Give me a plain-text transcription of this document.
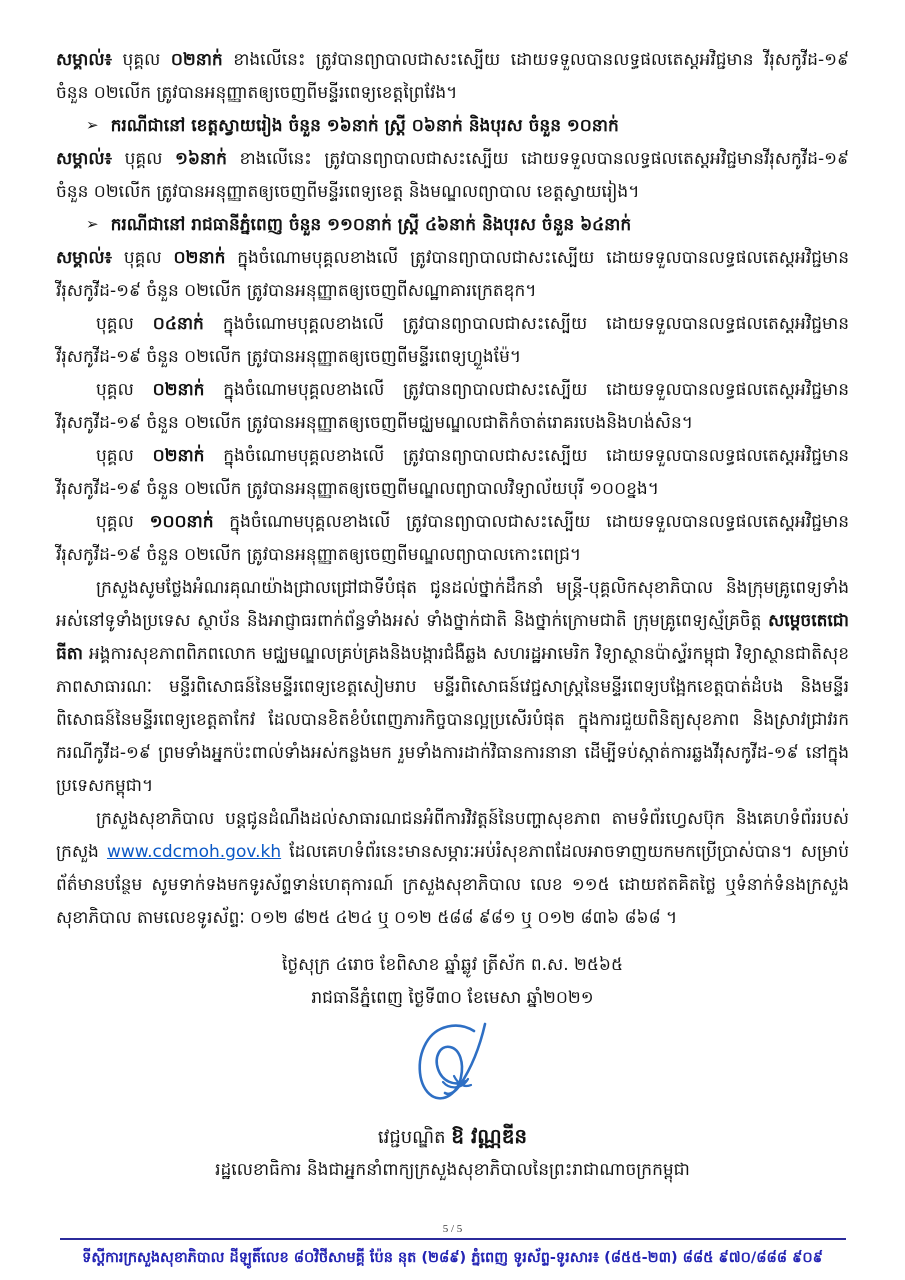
សម្គាល់៖ បុគ្គល ០២នាក់ ខាងលើនេះ ត្រូវបានព្យាបាលជាសះស្បើយ ដោយទទួលបានលទ្ធផលតេស្តអវិជ្ជមាន វីរុសកូវីដ-១៩ ចំនួន ០២លើក ត្រូវបានអនុញ្ញាតឲ្យចេញពីមន្ទីរពេទ្យខេត្តព្រៃវែង។

➢ ករណីជានៅ ខេត្តស្វាយរៀង ចំនួន ១៦នាក់ ស្រ្តី ០៦នាក់ និងបុរស ចំនួន ១០នាក់

សម្គាល់៖ បុគ្គល ១៦នាក់ ខាងលើនេះ ត្រូវបានព្យាបាលជាសះស្បើយ ដោយទទួលបានលទ្ធផលតេស្តអវិជ្ជមានវីរុសកូវីដ-១៩ ចំនួន ០២លើក ត្រូវបានអនុញ្ញាតឲ្យចេញពីមន្ទីរពេទ្យខេត្ត និងមណ្ឌលព្យាបាល ខេត្តស្វាយរៀង។

➢ ករណីជានៅ រាជធានីភ្នំពេញ ចំនួន ១១០នាក់ ស្រ្តី ៤៦នាក់ និងបុរស ចំនួន ៦៤នាក់

សម្គាល់៖ បុគ្គល ០២នាក់ ក្នុងចំណោមបុគ្គលខាងលើ ត្រូវបានព្យាបាលជាសះស្បើយ ដោយទទួលបានលទ្ធផលតេស្តអវិជ្ជមានវីរុសកូវីដ-១៩ ចំនួន ០២លើក ត្រូវបានអនុញ្ញាតឲ្យចេញពីសណ្ឋាគារក្រេតឌុក។

បុគ្គល ០៤នាក់ ក្នុងចំណោមបុគ្គលខាងលើ ត្រូវបានព្យាបាលជាសះស្បើយ ដោយទទួលបានលទ្ធផលតេស្តអវិជ្ជមានវីរុសកូវីដ-១៩ ចំនួន ០២លើក ត្រូវបានអនុញ្ញាតឲ្យចេញពីមន្ទីរពេទ្យហ្លួងម៉ែ។

បុគ្គល ០២នាក់ ក្នុងចំណោមបុគ្គលខាងលើ ត្រូវបានព្យាបាលជាសះស្បើយ ដោយទទួលបានលទ្ធផលតេស្តអវិជ្ជមានវីរុសកូវីដ-១៩ ចំនួន ០២លើក ត្រូវបានអនុញ្ញាតឲ្យចេញពីមជ្ឈមណ្ឌលជាតិកំចាត់រោគរបេងនិងហង់សិន។

បុគ្គល ០២នាក់ ក្នុងចំណោមបុគ្គលខាងលើ ត្រូវបានព្យាបាលជាសះស្បើយ ដោយទទួលបានលទ្ធផលតេស្តអវិជ្ជមានវីរុសកូវីដ-១៩ ចំនួន ០២លើក ត្រូវបានអនុញ្ញាតឲ្យចេញពីមណ្ឌលព្យាបាលវិទ្យាល័យបុរី ១០០ខ្នង។

បុគ្គល ១០០នាក់ ក្នុងចំណោមបុគ្គលខាងលើ ត្រូវបានព្យាបាលជាសះស្បើយ ដោយទទួលបានលទ្ធផលតេស្តអវិជ្ជមានវីរុសកូវីដ-១៩ ចំនួន ០២លើក ត្រូវបានអនុញ្ញាតឲ្យចេញពីមណ្ឌលព្យាបាលកោះពេជ្រ។

ក្រសួងសូមថ្លែងអំណរគុណយ៉ាងជ្រាលជ្រៅជាទីបំផុត ជូនដល់ថ្នាក់ដឹកនាំ មន្ត្រី-បុគ្គលិកសុខាភិបាល និងក្រុមគ្រូពេទ្យទាំងអស់នៅទូទាំងប្រទេស ស្ថាប័ន និងអាជ្ញាធរពាក់ព័ន្ធទាំងអស់ ទាំងថ្នាក់ជាតិ និងថ្នាក់ក្រោមជាតិ ក្រុមគ្រូពេទ្យស្ម័គ្រចិត្ត សម្តេចតេជោ ធីតា អង្គការសុខភាពពិភពលោក មជ្ឈមណ្ឌលគ្រប់គ្រងនិងបង្ការជំងឺឆ្លង សហរដ្ឋអាមេរិក វិទ្យាស្ថានប៉ាស្ទ័រកម្ពុជា វិទ្យាស្ថានជាតិសុខភាពសាធារណៈ មន្ទីរពិសោធន៍នៃមន្ទីរពេទ្យខេត្តសៀមរាប មន្ទីរពិសោធន៍វេជ្ជសាស្ត្រនៃមន្ទីរពេទ្យបង្អែកខេត្តបាត់ដំបង និងមន្ទីរពិសោធន៍នៃមន្ទីរពេទ្យខេត្តតាកែវ ដែលបានខិតខំបំពេញភារកិច្ចបានល្អប្រសើរបំផុត ក្នុងការជួយពិនិត្យសុខភាព និងស្រាវជ្រាវរកករណីកូវីដ-១៩ ព្រមទាំងអ្នកប៉ះពាល់ទាំងអស់កន្លងមក រួមទាំងការដាក់វិធានការនានា ដើម្បីទប់ស្កាត់ការឆ្លងវីរុសកូវីដ-១៩ នៅក្នុងប្រទេសកម្ពុជា។

ក្រសួងសុខាភិបាល បន្តជូនដំណឹងដល់សាធារណជនអំពីការវិវត្តន៍នៃបញ្ហាសុខភាព តាមទំព័រហ្វេសប៊ុក និងគេហទំព័ររបស់ក្រសួង www.cdcmoh.gov.kh ដែលគេហទំព័រនេះមានសម្ភារៈអប់រំសុខភាពដែលអាចទាញយកមកប្រើប្រាស់បាន។ សម្រាប់ព័ត៌មានបន្ថែម សូមទាក់ទងមកទូរស័ព្ទទាន់ហេតុការណ៍ ក្រសួងសុខាភិបាល លេខ ១១៥ ដោយឥតគិតថ្លៃ ឬទំនាក់ទំនងក្រសួងសុខាភិបាល តាមលេខទូរស័ព្ទៈ ០១២ ៨២៥ ៤២៤ ឬ ០១២ ៥៨៨ ៩៨១ ឬ ០១២ ៨៣៦ ៨៦៨ ។

ថ្ងៃសុក្រ ៤រោច ខែពិសាខ ឆ្នាំឆ្លូវ ត្រីស័ក ព.ស. ២៥៦៥

រាជធានីភ្នំពេញ ថ្ងៃទី៣០ ខែមេសា ឆ្នាំ២០២១

វេជ្ជបណ្ឌិត ឱ វណ្ណឌីន
រដ្ឋលេខាធិការ និងជាអ្នកនាំពាក្យក្រសួងសុខាភិបាលនៃព្រះរាជាណាចក្រកម្ពុជា
5 / 5
ទីស្តីការក្រសួងសុខាភិបាល ដីឡូតិ៍លេខ ៨០វិថីសាមគ្គី ប៉ែន នុត (២៨៩) ភ្នំពេញ ទូរស័ព្ទ-ទូរសារ៖ (៨៥៥-២៣) ៨៨៥ ៩៧០/៨៨៨ ៩០៩
